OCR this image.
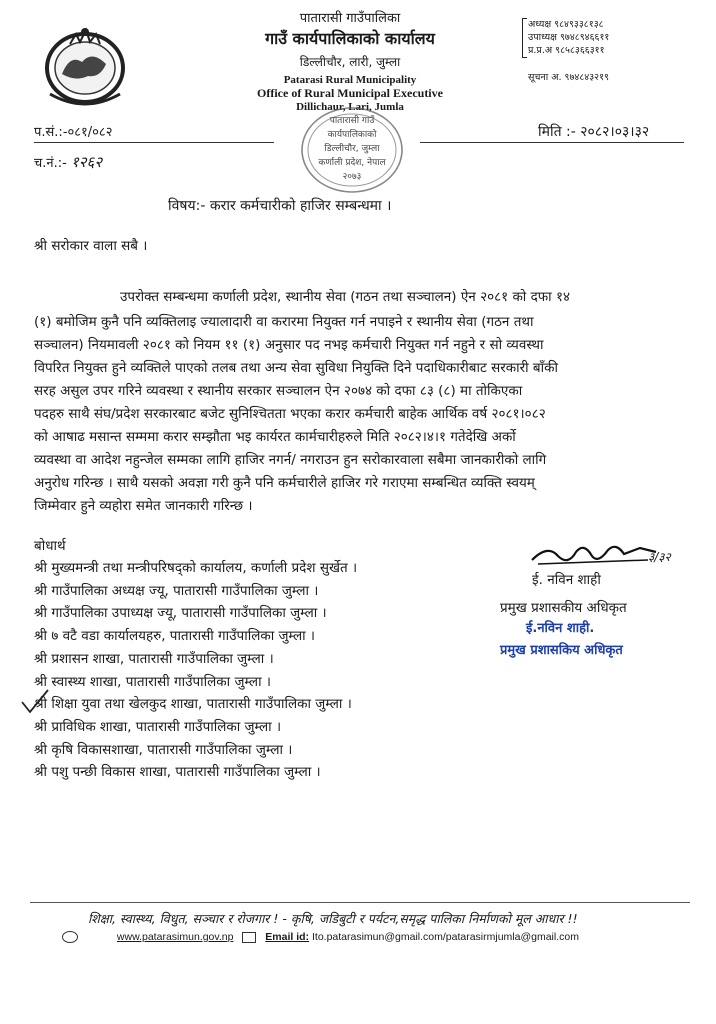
पातारासी गाउँपालिका
गाउँ कार्यपालिकाको कार्यालय
डिल्लीचौर, लारी, जुम्ला
Patarasi Rural Municipality
Office of Rural Municipal Executive
Dillichaur, Lari, Jumla
अध्यक्ष ९८४९३३८१३८
उपाध्यक्ष ९७४८९४६६११
प्र.प्र.अ ९८५८३६६३११
सूचना अ. ९७४८४३२१९
पातारासी गाउँ
कार्यपालिकाको
डिल्लीचौर, जुम्ला
कर्णाली प्रदेश, नेपाल
२०७३
प.सं.:-०८१/०८२
च.नं.:- १२६२
मिति :- २०८२।०३।३२
विषय:- करार कर्मचारीको हाजिर सम्बन्धमा ।
श्री सरोकार वाला सबै ।
उपरोक्त सम्बन्धमा कर्णाली प्रदेश, स्थानीय सेवा (गठन तथा सञ्चालन) ऐन २०८१ को दफा १४
(१) बमोजिम कुनै पनि व्यक्तिलाइ ज्यालादारी वा करारमा नियुक्त गर्न नपाइने र स्थानीय सेवा (गठन तथा
सञ्चालन) नियमावली २०८१ को नियम ११ (१) अनुसार पद नभइ कर्मचारी नियुक्त गर्न नहुने र सो व्यवस्था
विपरित नियुक्त हुने व्यक्तिले पाएको तलब तथा अन्य सेवा सुविधा नियुक्ति दिने पदाधिकारीबाट सरकारी बाँकी
सरह असुल उपर गरिने व्यवस्था र स्थानीय सरकार सञ्चालन ऐन २०७४ को दफा ८३ (८) मा तोकिएका
पदहरु साथै संघ/प्रदेश सरकारबाट बजेट सुनिश्चितता भएका करार कर्मचारी बाहेक आर्थिक वर्ष २०८१।०८२
को आषाढ मसान्त सम्ममा करार सम्झौता भइ कार्यरत कार्मचारीहरुले मिति २०८२।४।१ गतेदेखि अर्को
व्यवस्था वा आदेश नहुन्जेल सम्मका लागि हाजिर नगर्न/ नगराउन हुन सरोकारवाला सबैमा जानकारीको लागि
अनुरोध गरिन्छ । साथै यसको अवज्ञा गरी कुनै पनि कर्मचारीले हाजिर गरे गराएमा सम्बन्धित व्यक्ति स्वयम्
जिम्मेवार हुने व्यहोरा समेत जानकारी गरिन्छ ।
बोधार्थ
श्री मुख्यमन्त्री तथा मन्त्रीपरिषद्को कार्यालय, कर्णाली प्रदेश सुर्खेत ।
श्री गाउँपालिका अध्यक्ष ज्यू, पातारासी गाउँपालिका जुम्ला ।
श्री गाउँपालिका उपाध्यक्ष ज्यू, पातारासी गाउँपालिका जुम्ला ।
श्री ७ वटै वडा कार्यालयहरु, पातारासी गाउँपालिका जुम्ला ।
श्री प्रशासन शाखा, पातारासी गाउँपालिका जुम्ला ।
श्री स्वास्थ्य शाखा, पातारासी गाउँपालिका जुम्ला ।
श्री शिक्षा युवा तथा खेलकुद शाखा, पातारासी गाउँपालिका जुम्ला ।
श्री प्राविधिक शाखा, पातारासी गाउँपालिका जुम्ला ।
श्री कृषि विकासशाखा, पातारासी गाउँपालिका जुम्ला ।
श्री पशु पन्छी विकास शाखा, पातारासी गाउँपालिका जुम्ला ।
३/३२
ई. नविन शाही
प्रमुख प्रशासकीय अधिकृत
ई.नविन शाही.
प्रमुख प्रशासकिय अधिकृत
शिक्षा, स्वास्थ्य, विधुत, सञ्चार र रोजगार ! - कृषि, जडिबुटी र पर्यटन,समृद्ध पालिका निर्माणको मूल आधार !!
www.patarasimun.gov.np	Email id: Ito.patarasimun@gmail.com/patarasirmjumla@gmail.com
